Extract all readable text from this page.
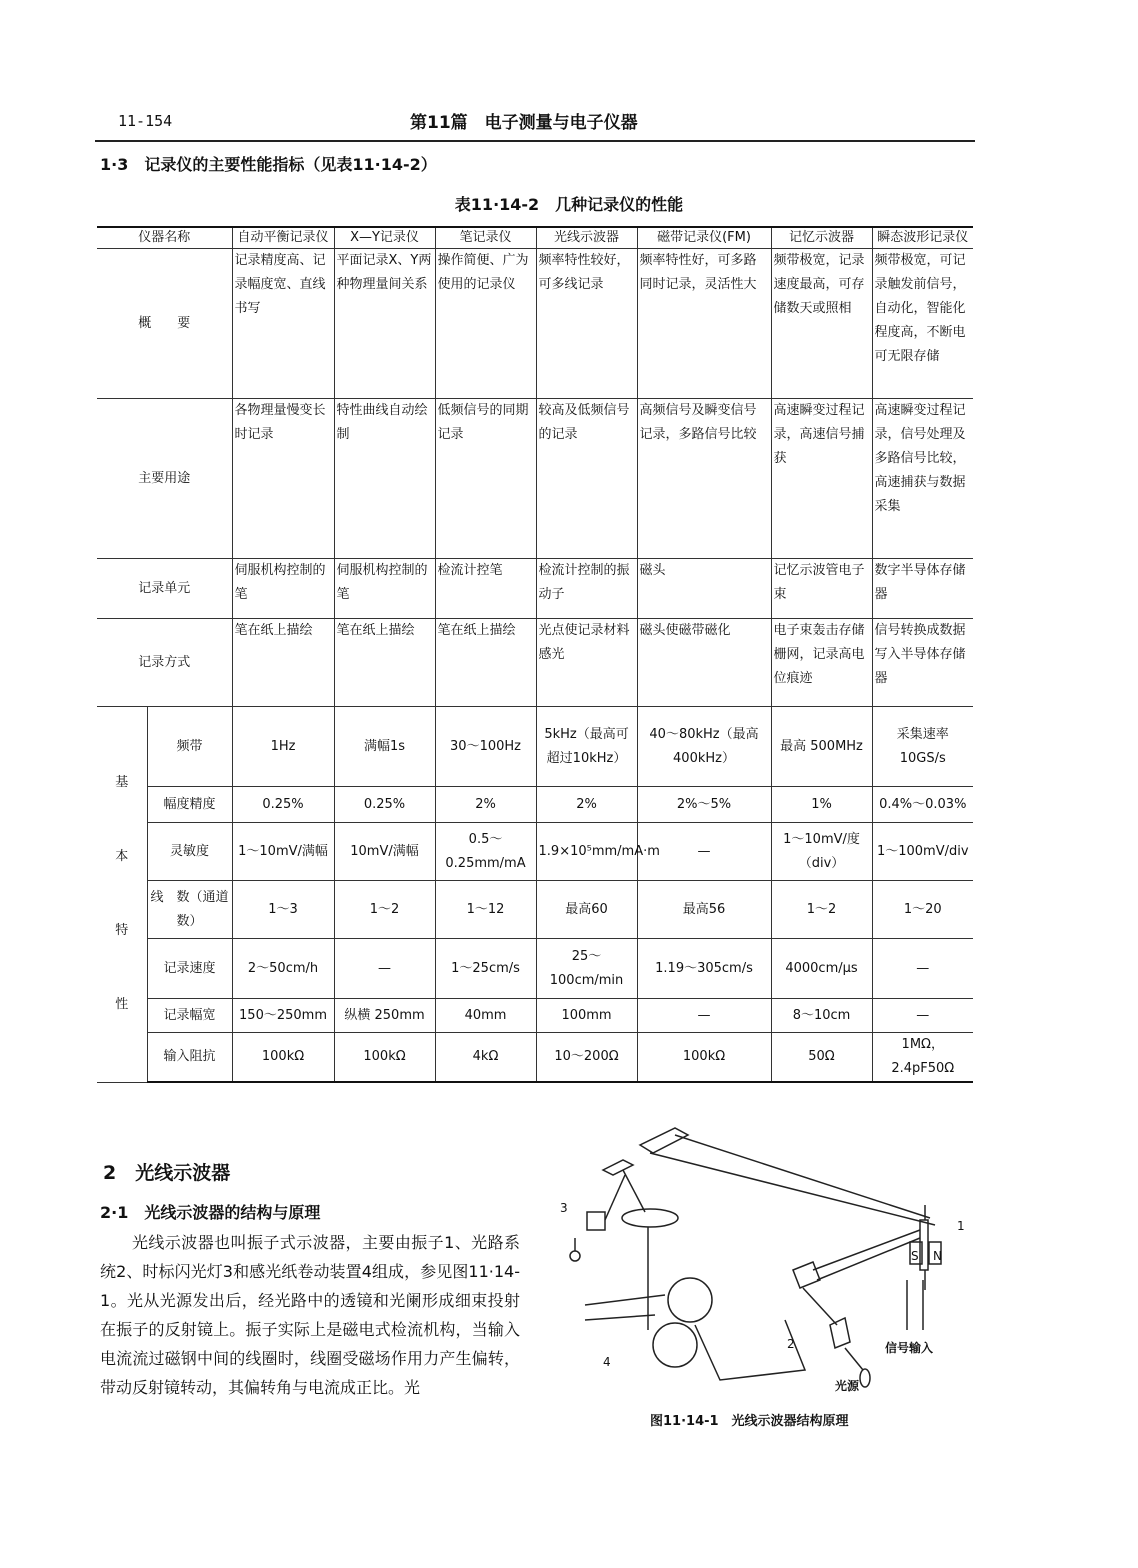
11-154	第11篇　电子测量与电子仪器
1·3　记录仪的主要性能指标（见表11·14-2）
表11·14-2　几种记录仪的性能
仪器名称		自动平衡记录仪	X—Y记录仪	笔记录仪	光线示波器	磁带记录仪(FM)	记忆示波器	瞬态波形记录仪
概　　要		记录精度高、记录幅度宽、直线书写	平面记录X、Y两种物理量间关系	操作简便、广为使用的记录仪	频率特性较好，可多线记录	频率特性好，可多路同时记录，灵活性大	频带极宽，记录速度最高，可存储数天或照相	频带极宽，可记录触发前信号，自动化，智能化程度高，不断电可无限存储
主要用途		各物理量慢变长时记录	特性曲线自动绘制	低频信号的同期记录	较高及低频信号的记录	高频信号及瞬变信号记录，多路信号比较	高速瞬变过程记录，高速信号捕获	高速瞬变过程记录，信号处理及多路信号比较，高速捕获与数据采集
记录单元		伺服机构控制的笔	伺服机构控制的笔	检流计控笔	检流计控制的振动子	磁头	记忆示波管电子束	数字半导体存储器
记录方式		笔在纸上描绘	笔在纸上描绘	笔在纸上描绘	光点使记录材料感光	磁头使磁带磁化	电子束轰击存储栅网，记录高电位痕迹	信号转换成数据写入半导体存储器

基
本
特
性	频带	1Hz	满幅1s	30～100Hz	5kHz（最高可超过10kHz）	40～80kHz（最高 400kHz）	最高 500MHz	采集速率10GS/s
	幅度精度	0.25%	0.25%	2%	2%	2%～5%	1%	0.4%～0.03%
	灵敏度	1～10mV/满幅	10mV/满幅	0.5～0.25mm/mA	1.9×10⁵mm/mA·m	—	1～10mV/度（div）	1～100mV/div
	线　数（通道数）	1～3	1～2	1～12	最高60	最高56	1～2	1～20
	记录速度	2～50cm/h	—	1～25cm/s	25～100cm/min	1.19～305cm/s	4000cm/μs	—
	记录幅宽	150～250mm	纵横 250mm	40mm	100mm	—	8～10cm	—
	输入阻抗	100kΩ	100kΩ	4kΩ	10～200Ω	100kΩ	50Ω	1MΩ，2.4pF50Ω
2　光线示波器
2·1　光线示波器的结构与原理
光线示波器也叫振子式示波器，主要由振子1、光路系统2、时标闪光灯3和感光纸卷动装置4组成，参见图11·14-1。光从光源发出后，经光路中的透镜和光阑形成细束投射在振子的反射镜上。振子实际上是磁电式检流机构，当输入电流流过磁钢中间的线圈时，线圈受磁场作用力产生偏转，带动反射镜转动，其偏转角与电流成正比。光
1
2
3
4
S N
信号输入
光源
图11·14-1　光线示波器结构原理
